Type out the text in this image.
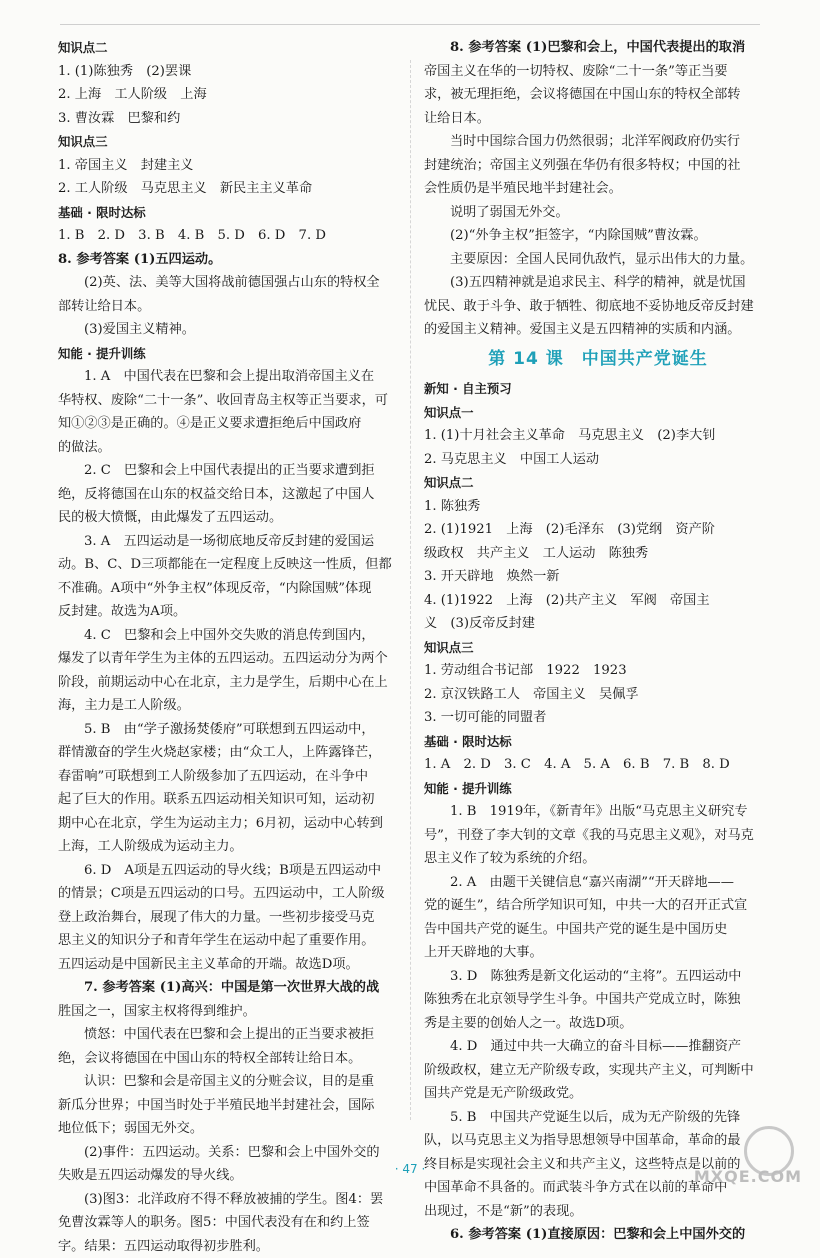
知识点二
1. (1)陈独秀　(2)罢课
2. 上海　工人阶级　上海
3. 曹汝霖　巴黎和约
知识点三
1. 帝国主义　封建主义
2. 工人阶级　马克思主义　新民主主义革命
基础 · 限时达标
1. B　2. D　3. B　4. B　5. D　6. D　7. D
8. 参考答案 (1)五四运动。
(2)英、法、美等大国将战前德国强占山东的特权全
部转让给日本。
(3)爱国主义精神。
知能 · 提升训练
1. A　中国代表在巴黎和会上提出取消帝国主义在
华特权、废除“二十一条”、收回青岛主权等正当要求，可
知①②③是正确的。④是正义要求遭拒绝后中国政府
的做法。
2. C　巴黎和会上中国代表提出的正当要求遭到拒
绝，反将德国在山东的权益交给日本，这激起了中国人
民的极大愤慨，由此爆发了五四运动。
3. A　五四运动是一场彻底地反帝反封建的爱国运
动。B、C、D三项都能在一定程度上反映这一性质，但都
不准确。A项中“外争主权”体现反帝，“内除国贼”体现
反封建。故选为A项。
4. C　巴黎和会上中国外交失败的消息传到国内，
爆发了以青年学生为主体的五四运动。五四运动分为两个
阶段，前期运动中心在北京，主力是学生，后期中心在上
海，主力是工人阶级。
5. B　由“学子激扬焚倭府”可联想到五四运动中，
群情激奋的学生火烧赵家楼；由“众工人，上阵露锋芒，
春雷响”可联想到工人阶级参加了五四运动，在斗争中
起了巨大的作用。联系五四运动相关知识可知，运动初
期中心在北京，学生为运动主力；6月初，运动中心转到
上海，工人阶级成为运动主力。
6. D　A项是五四运动的导火线；B项是五四运动中
的情景；C项是五四运动的口号。五四运动中，工人阶级
登上政治舞台，展现了伟大的力量。一些初步接受马克
思主义的知识分子和青年学生在运动中起了重要作用。
五四运动是中国新民主主义革命的开端。故选D项。
7. 参考答案 (1)高兴：中国是第一次世界大战的战
胜国之一，国家主权将得到维护。
愤怒：中国代表在巴黎和会上提出的正当要求被拒
绝，会议将德国在中国山东的特权全部转让给日本。
认识：巴黎和会是帝国主义的分赃会议，目的是重
新瓜分世界；中国当时处于半殖民地半封建社会，国际
地位低下；弱国无外交。
(2)事件：五四运动。关系：巴黎和会上中国外交的
失败是五四运动爆发的导火线。
(3)图3：北洋政府不得不释放被捕的学生。图4：罢
免曹汝霖等人的职务。图5：中国代表没有在和约上签
字。结果：五四运动取得初步胜利。
8. 参考答案 (1)巴黎和会上，中国代表提出的取消
帝国主义在华的一切特权、废除“二十一条”等正当要
求，被无理拒绝，会议将德国在中国山东的特权全部转
让给日本。
当时中国综合国力仍然很弱；北洋军阀政府仍实行
封建统治；帝国主义列强在华仍有很多特权；中国的社
会性质仍是半殖民地半封建社会。
说明了弱国无外交。
(2)“外争主权”拒签字，“内除国贼”曹汝霖。
主要原因：全国人民同仇敌忾，显示出伟大的力量。
(3)五四精神就是追求民主、科学的精神，就是忧国
忧民、敢于斗争、敢于牺牲、彻底地不妥协地反帝反封建
的爱国主义精神。爱国主义是五四精神的实质和内涵。
第 14 课　中国共产党诞生
新知 · 自主预习
知识点一
1. (1)十月社会主义革命　马克思主义　(2)李大钊
2. 马克思主义　中国工人运动
知识点二
1. 陈独秀
2. (1)1921　上海　(2)毛泽东　(3)党纲　资产阶
级政权　共产主义　工人运动　陈独秀
3. 开天辟地　焕然一新
4. (1)1922　上海　(2)共产主义　军阀　帝国主
义　(3)反帝反封建
知识点三
1. 劳动组合书记部　1922　1923
2. 京汉铁路工人　帝国主义　吴佩孚
3. 一切可能的同盟者
基础 · 限时达标
1. A　2. D　3. C　4. A　5. A　6. B　7. B　8. D
知能 · 提升训练
1. B　1919年，《新青年》出版“马克思主义研究专
号”，刊登了李大钊的文章《我的马克思主义观》，对马克
思主义作了较为系统的介绍。
2. A　由题干关键信息“嘉兴南湖”“开天辟地——
党的诞生”，结合所学知识可知，中共一大的召开正式宣
告中国共产党的诞生。中国共产党的诞生是中国历史
上开天辟地的大事。
3. D　陈独秀是新文化运动的“主将”。五四运动中
陈独秀在北京领导学生斗争。中国共产党成立时，陈独
秀是主要的创始人之一。故选D项。
4. D　通过中共一大确立的奋斗目标——推翻资产
阶级政权，建立无产阶级专政，实现共产主义，可判断中
国共产党是无产阶级政党。
5. B　中国共产党诞生以后，成为无产阶级的先锋
队，以马克思主义为指导思想领导中国革命，革命的最
终目标是实现社会主义和共产主义，这些特点是以前的
中国革命不具备的。而武装斗争方式在以前的革命中
出现过，不是“新”的表现。
6. 参考答案 (1)直接原因：巴黎和会上中国外交的
· 47 ·	MXQE.COM
